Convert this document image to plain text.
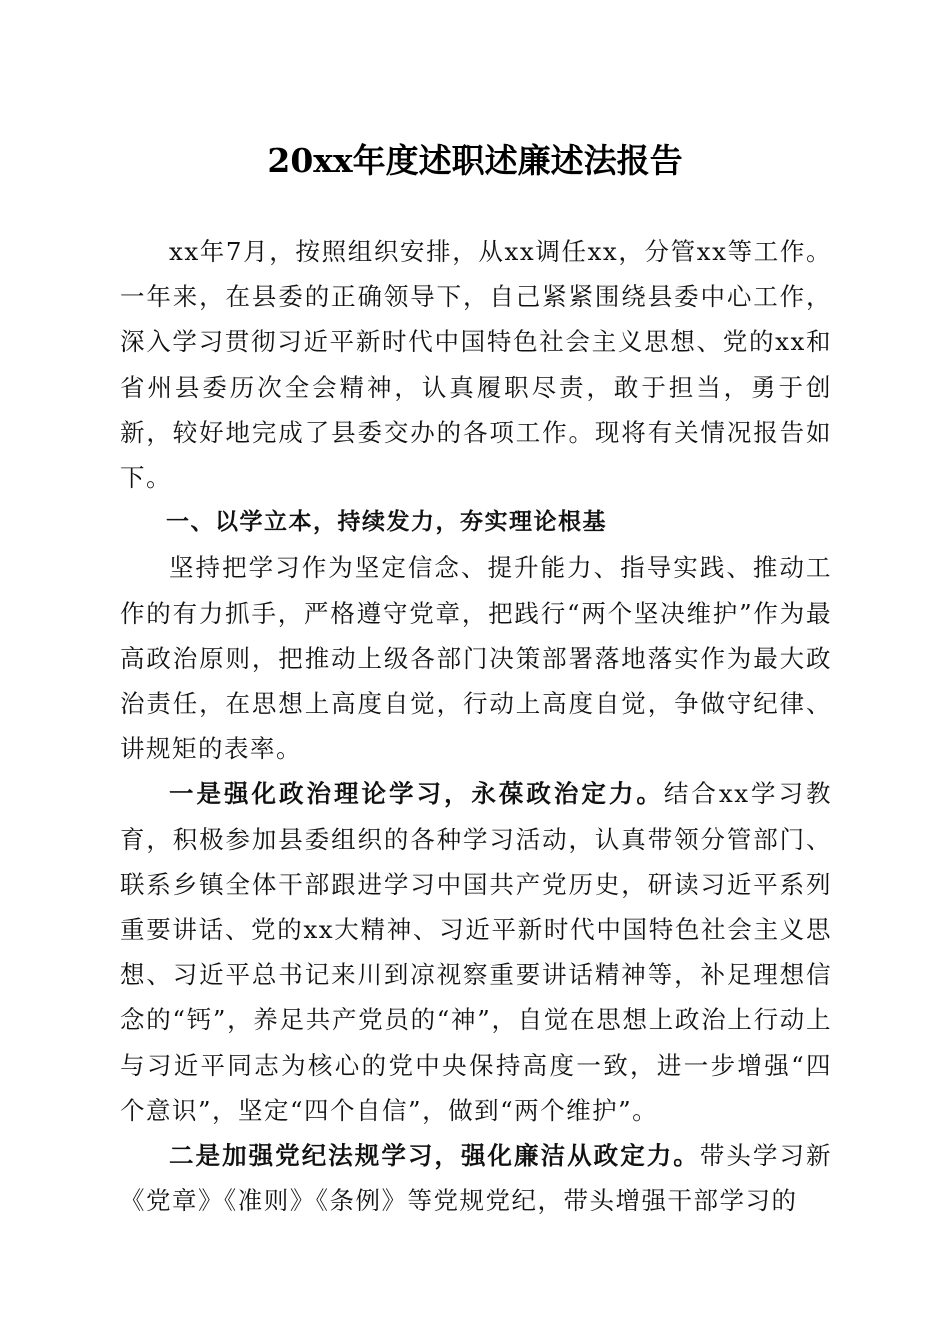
20xx年度述职述廉述法报告

xx年7月，按照组织安排，从xx调任xx，分管xx等工作。一年来，在县委的正确领导下，自己紧紧围绕县委中心工作，深入学习贯彻习近平新时代中国特色社会主义思想、党的xx和省州县委历次全会精神，认真履职尽责，敢于担当，勇于创新，较好地完成了县委交办的各项工作。现将有关情况报告如下。

一、以学立本，持续发力，夯实理论根基

坚持把学习作为坚定信念、提升能力、指导实践、推动工作的有力抓手，严格遵守党章，把践行“两个坚决维护”作为最高政治原则，把推动上级各部门决策部署落地落实作为最大政治责任，在思想上高度自觉，行动上高度自觉，争做守纪律、讲规矩的表率。

一是强化政治理论学习，永葆政治定力。结合xx学习教育，积极参加县委组织的各种学习活动，认真带领分管部门、联系乡镇全体干部跟进学习中国共产党历史，研读习近平系列重要讲话、党的xx大精神、习近平新时代中国特色社会主义思想、习近平总书记来川到凉视察重要讲话精神等，补足理想信念的“钙”，养足共产党员的“神”，自觉在思想上政治上行动上与习近平同志为核心的党中央保持高度一致，进一步增强“四个意识”，坚定“四个自信”，做到“两个维护”。

二是加强党纪法规学习，强化廉洁从政定力。带头学习新《党章》《准则》《条例》等党规党纪，带头增强干部学习的
